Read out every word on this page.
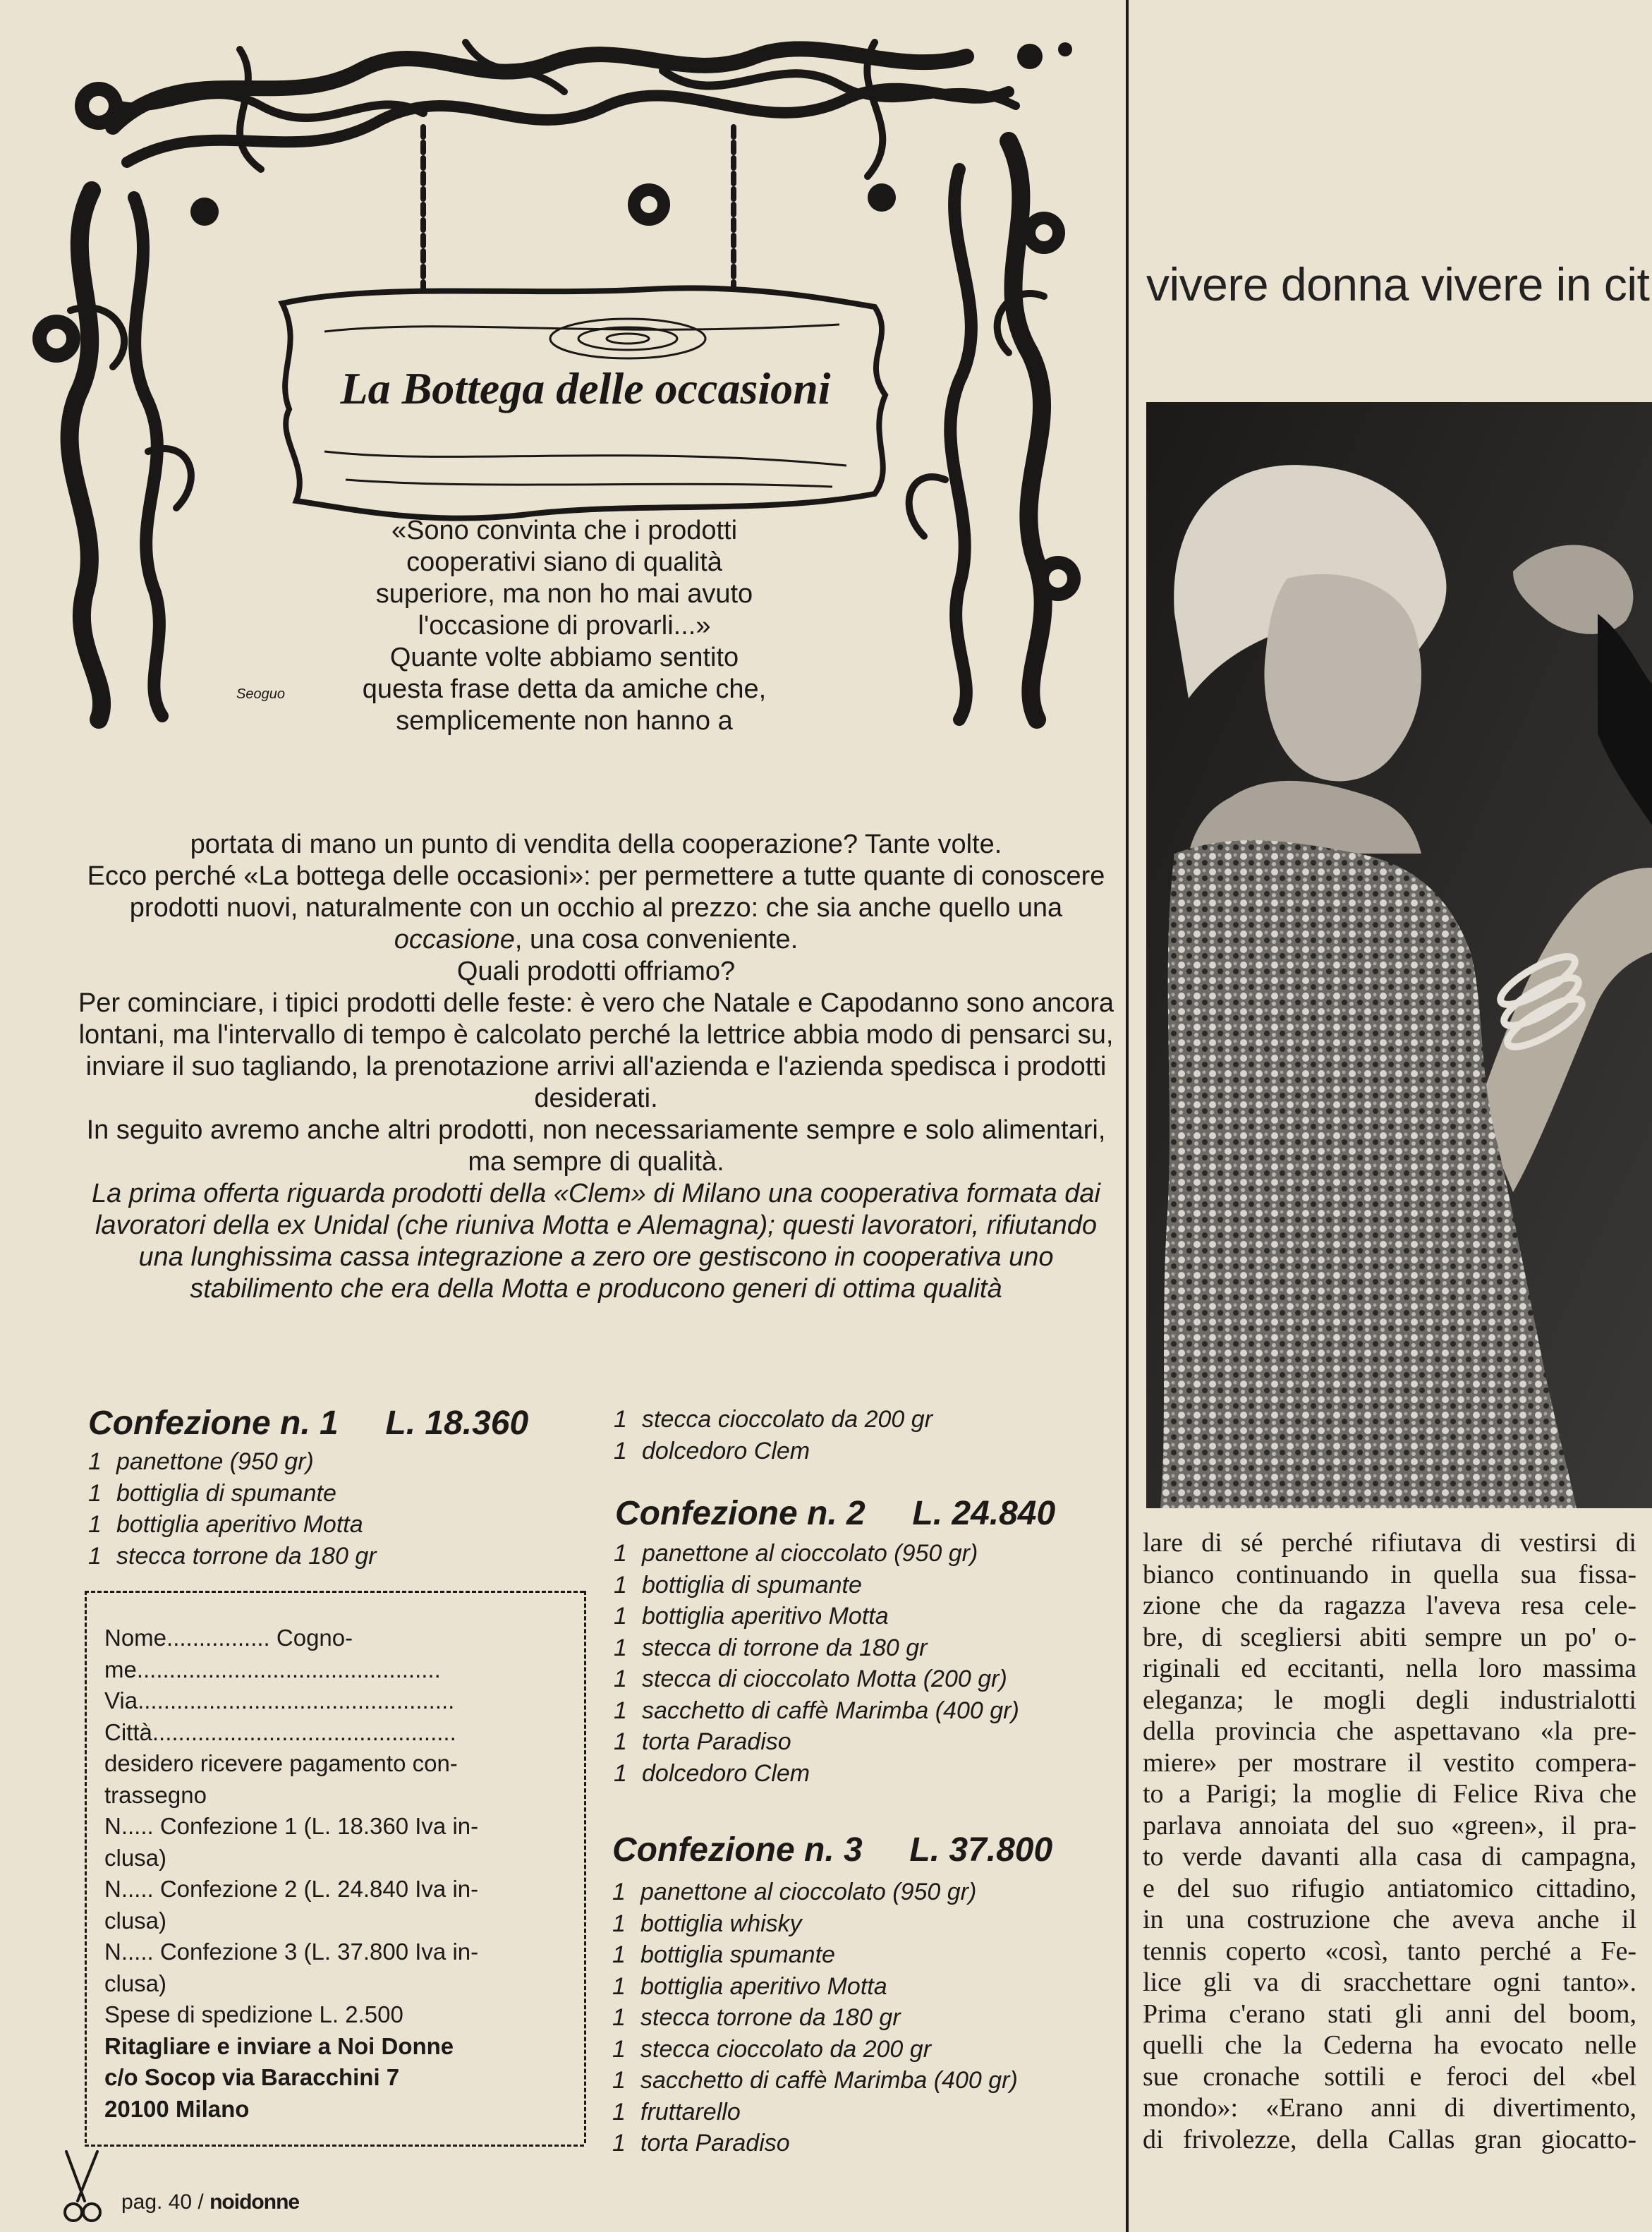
La Bottega delle occasioni
Seoguo
«Sono convinta che i prodotti
cooperativi siano di qualità
superiore, ma non ho mai avuto
l'occasione di provarli...»
Quante volte abbiamo sentito
questa frase detta da amiche che,
semplicemente non hanno a

portata di mano un punto di vendita della cooperazione? Tante volte.

Ecco perché «La bottega delle occasioni»: per permettere a tutte quante di conoscere prodotti nuovi, naturalmente con un occhio al prezzo: che sia anche quello una occasione, una cosa conveniente.

Quali prodotti offriamo?

Per cominciare, i tipici prodotti delle feste: è vero che Natale e Capodanno sono ancora lontani, ma l'intervallo di tempo è calcolato perché la lettrice abbia modo di pensarci su, inviare il suo tagliando, la prenotazione arrivi all'azienda e l'azienda spedisca i prodotti desiderati.

In seguito avremo anche altri prodotti, non necessariamente sempre e solo alimentari, ma sempre di qualità.

La prima offerta riguarda prodotti della «Clem» di Milano una cooperativa formata dai lavoratori della ex Unidal (che riuniva Motta e Alemagna); questi lavoratori, rifiutando una lunghissima cassa integrazione a zero ore gestiscono in cooperativa uno stabilimento che era della Motta e producono generi di ottima qualità

Confezione n. 1 L. 18.360
1 panettone (950 gr)
1 bottiglia di spumante
1 bottiglia aperitivo Motta
1 stecca torrone da 180 gr
1 stecca cioccolato da 200 gr
1 dolcedoro Clem
Confezione n. 2 L. 24.840
1 panettone al cioccolato (950 gr)
1 bottiglia di spumante
1 bottiglia aperitivo Motta
1 stecca di torrone da 180 gr
1 stecca di cioccolato Motta (200 gr)
1 sacchetto di caffè Marimba (400 gr)
1 torta Paradiso
1 dolcedoro Clem
Confezione n. 3 L. 37.800
1 panettone al cioccolato (950 gr)
1 bottiglia whisky
1 bottiglia spumante
1 bottiglia aperitivo Motta
1 stecca torrone da 180 gr
1 stecca cioccolato da 200 gr
1 sacchetto di caffè Marimba (400 gr)
1 fruttarello
1 torta Paradiso
Nome................ Cogno-
me...............................................
Via.................................................
Città...............................................
desidero ricevere pagamento con-
trassegno
N..... Confezione 1 (L. 18.360 Iva in-
clusa)
N..... Confezione 2 (L. 24.840 Iva in-
clusa)
N..... Confezione 3 (L. 37.800 Iva in-
clusa)
Spese di spedizione L. 2.500
Ritagliare e inviare a Noi Donne
c/o Socop via Baracchini 7
20100 Milano
pag. 40 / noidonne
vivere donna vivere in cit
lare di sé perché rifiutava di vestirsi di
bianco continuando in quella sua fissa-
zione che da ragazza l'aveva resa cele-
bre, di scegliersi abiti sempre un po' o-
riginali ed eccitanti, nella loro massima
eleganza; le mogli degli industrialotti
della provincia che aspettavano «la pre-
miere» per mostrare il vestito compera-
to a Parigi; la moglie di Felice Riva che
parlava annoiata del suo «green», il pra-
to verde davanti alla casa di campagna,
e del suo rifugio antiatomico cittadino,
in una costruzione che aveva anche il
tennis coperto «così, tanto perché a Fe-
lice gli va di sracchettare ogni tanto».
Prima c'erano stati gli anni del boom,
quelli che la Cederna ha evocato nelle
sue cronache sottili e feroci del «bel
mondo»: «Erano anni di divertimento,
di frivolezze, della Callas gran giocatto-
